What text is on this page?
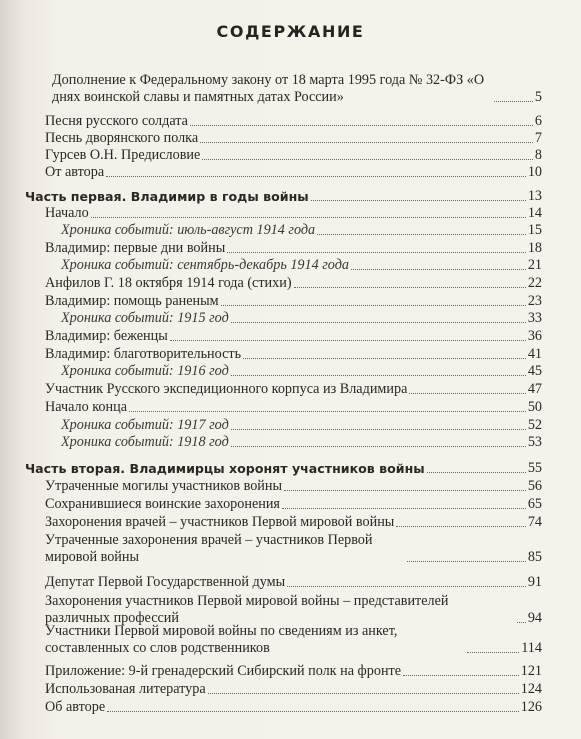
СОДЕРЖАНИЕ
Дополнение к Федеральному закону от 18 марта 1995 года № 32-ФЗ «О днях воинской славы и памятных датах России»	5
Песня русского солдата	6
Песнь дворянского полка	7
Гурсев О.Н. Предисловие	8
От автора	10
Часть первая. Владимир в годы войны	13
Начало	14
Хроника событий: июль-август 1914 года	15
Владимир: первые дни войны	18
Хроника событий: сентябрь-декабрь 1914 года	21
Анфилов Г. 18 октября 1914 года (стихи)	22
Владимир: помощь раненым	23
Хроника событий: 1915 год	33
Владимир: беженцы	36
Владимир: благотворительность	41
Хроника событий: 1916 год	45
Участник Русского экспедиционного корпуса из Владимира	47
Начало конца	50
Хроника событий: 1917 год	52
Хроника событий: 1918 год	53
Часть вторая. Владимирцы хоронят участников войны	55
Утраченные могилы участников войны	56
Сохранившиеся воинские захоронения	65
Захоронения врачей – участников Первой мировой войны	74
Утраченные захоронения врачей – участников Первой мировой войны	85
Депутат Первой Государственной думы	91
Захоронения участников Первой мировой войны – представителей различных профессий	94
Участники Первой мировой войны по сведениям из анкет, составленных со слов родственников	114
Приложение: 9-й гренадерский Сибирский полк на фронте	121
Использованая литература	124
Об авторе	126
